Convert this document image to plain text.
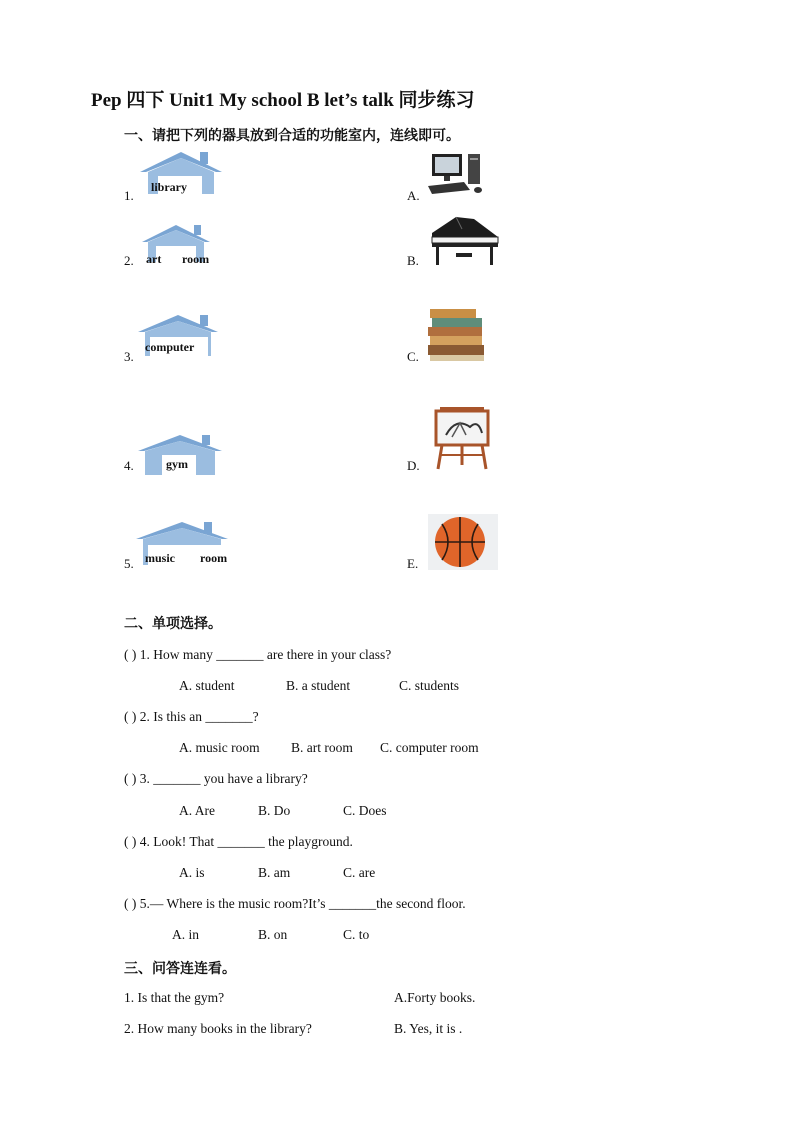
Pep 四下 Unit1 My school B let’s talk 同步练习
一、请把下列的器具放到合适的功能室内，连线即可。
1.
library
2. art room
3.
computer
4.	gym
5. music room
A.
B.
C.
D.
E.
二、单项选择。
( ) 1. How many _______ are there in your class?
A. student	B. a student	C. students
( ) 2. Is this an _______?
A. music room B. art room C. computer room
( ) 3. _______ you have a library?
A. Are	B. Do	C. Does
( ) 4. Look! That _______ the playground.
A. is	B. am	C. are
( ) 5.— Where is the music room?It’s _______the second floor.
A. in	B. on	C. to
三、问答连连看。
1. Is that the gym?	A.Forty books.
2. How many books in the library?	B. Yes, it is .
